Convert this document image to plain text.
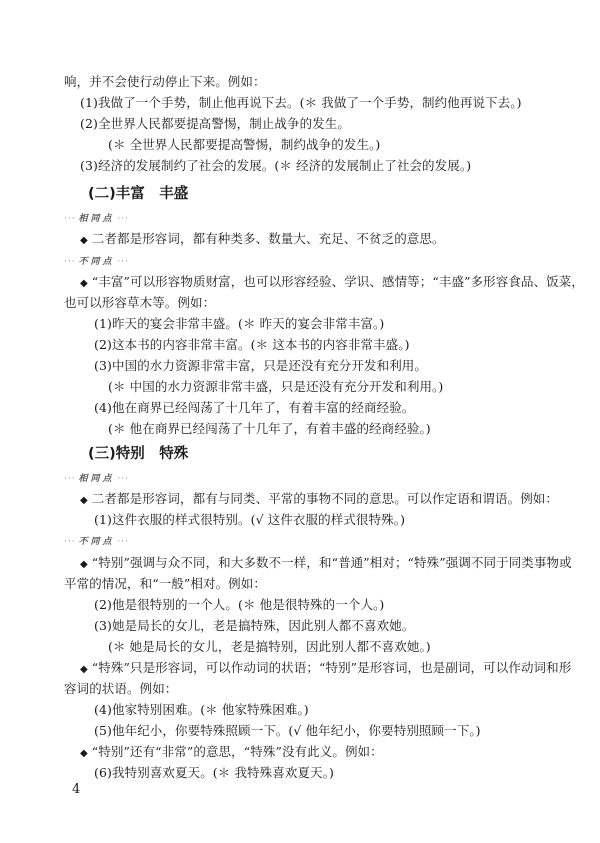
响，并不会使行动停止下来。例如：
(1)我做了一个手势，制止他再说下去。(＊ 我做了一个手势，制约他再说下去。)
(2)全世界人民都要提高警惕，制止战争的发生。
(＊ 全世界人民都要提高警惕，制约战争的发生。)
(3)经济的发展制约了社会的发展。(＊ 经济的发展制止了社会的发展。)
(二)丰富　丰盛
··· 相同点 ···
◆ 二者都是形容词，都有种类多、数量大、充足、不贫乏的意思。
··· 不同点 ···
◆ “丰富”可以形容物质财富，也可以形容经验、学识、感情等；“丰盛”多形容食品、饭菜，
也可以形容草木等。例如：
(1)昨天的宴会非常丰盛。(＊ 昨天的宴会非常丰富。)
(2)这本书的内容非常丰富。(＊ 这本书的内容非常丰盛。)
(3)中国的水力资源非常丰富，只是还没有充分开发和利用。
(＊ 中国的水力资源非常丰盛，只是还没有充分开发和利用。)
(4)他在商界已经闯荡了十几年了，有着丰富的经商经验。
(＊ 他在商界已经闯荡了十几年了，有着丰盛的经商经验。)
(三)特别　特殊
··· 相同点 ···
◆ 二者都是形容词，都有与同类、平常的事物不同的意思。可以作定语和谓语。例如：
(1)这件衣服的样式很特别。(√ 这件衣服的样式很特殊。)
··· 不同点 ···
◆ “特别”强调与众不同，和大多数不一样，和“普通”相对；“特殊”强调不同于同类事物或
平常的情况，和“一般”相对。例如：
(2)他是很特别的一个人。(＊ 他是很特殊的一个人。)
(3)她是局长的女儿，老是搞特殊，因此别人都不喜欢她。
(＊ 她是局长的女儿，老是搞特别，因此别人都不喜欢她。)
◆ “特殊”只是形容词，可以作动词的状语；“特别”是形容词，也是副词，可以作动词和形
容词的状语。例如：
(4)他家特别困难。(＊ 他家特殊困难。)
(5)他年纪小，你要特殊照顾一下。(√ 他年纪小，你要特别照顾一下。)
◆ “特别”还有“非常”的意思，“特殊”没有此义。例如：
(6)我特别喜欢夏天。(＊ 我特殊喜欢夏天。)
4
